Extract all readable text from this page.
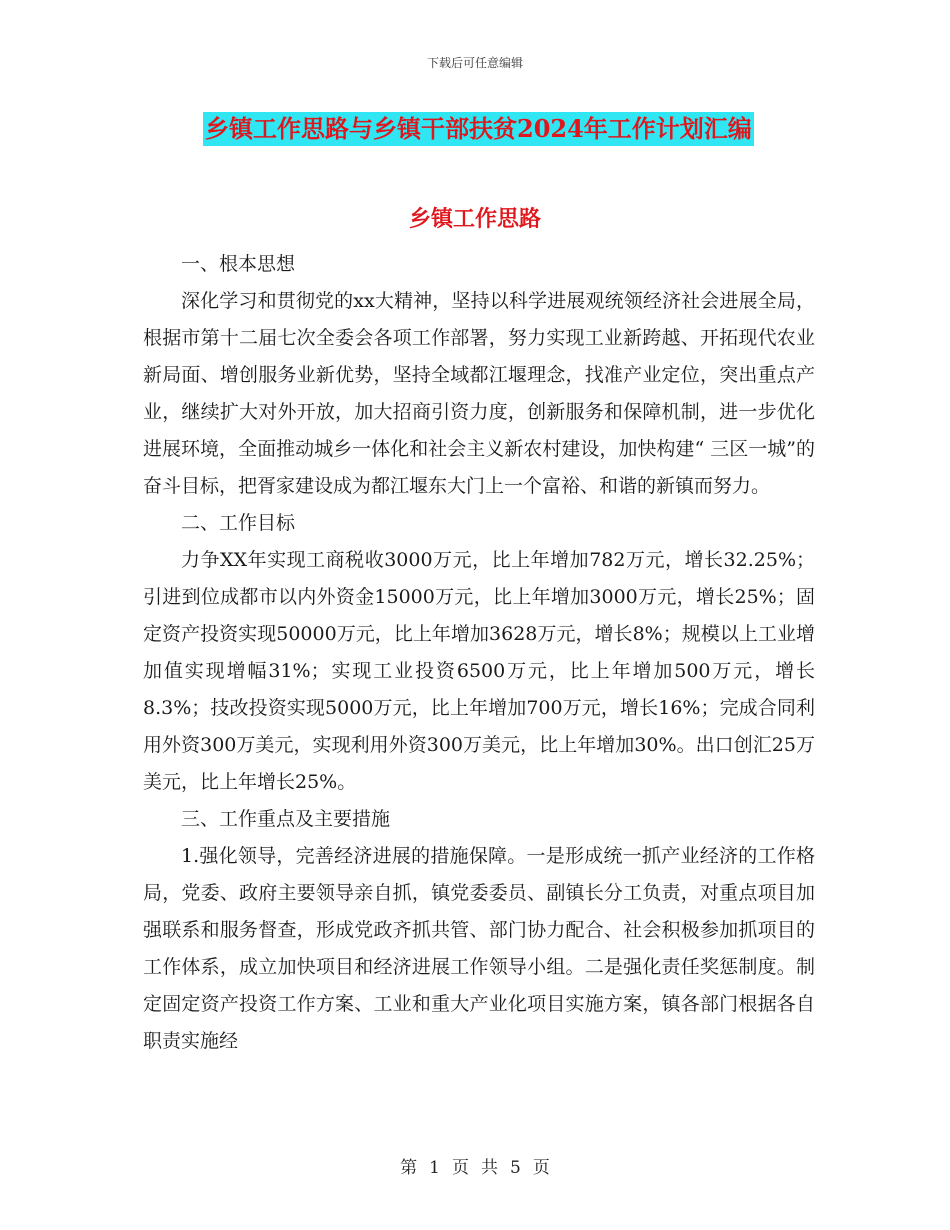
下载后可任意编辑
乡镇工作思路与乡镇干部扶贫2024年工作计划汇编
乡镇工作思路

一、根本思想

深化学习和贯彻党的xx大精神，坚持以科学进展观统领经济社会进展全局，根据市第十二届七次全委会各项工作部署，努力实现工业新跨越、开拓现代农业新局面、增创服务业新优势，坚持全域都江堰理念，找准产业定位，突出重点产业，继续扩大对外开放，加大招商引资力度，创新服务和保障机制，进一步优化进展环境，全面推动城乡一体化和社会主义新农村建设，加快构建“ 三区一城”的奋斗目标，把胥家建设成为都江堰东大门上一个富裕、和谐的新镇而努力。

二、工作目标

力争XX年实现工商税收3000万元，比上年增加782万元，增长32.25%；引进到位成都市以内外资金15000万元，比上年增加3000万元，增长25%；固定资产投资实现50000万元，比上年增加3628万元，增长8%；规模以上工业增加值实现增幅31%；实现工业投资6500万元，比上年增加500万元，增长8.3%；技改投资实现5000万元，比上年增加700万元，增长16%；完成合同利用外资300万美元，实现利用外资300万美元，比上年增加30%。出口创汇25万美元，比上年增长25%。

三、工作重点及主要措施

1.强化领导，完善经济进展的措施保障。一是形成统一抓产业经济的工作格局，党委、政府主要领导亲自抓，镇党委委员、副镇长分工负责，对重点项目加强联系和服务督查，形成党政齐抓共管、部门协力配合、社会积极参加抓项目的工作体系，成立加快项目和经济进展工作领导小组。二是强化责任奖惩制度。制定固定资产投资工作方案、工业和重大产业化项目实施方案，镇各部门根据各自职责实施经

第 1 页 共 5 页
